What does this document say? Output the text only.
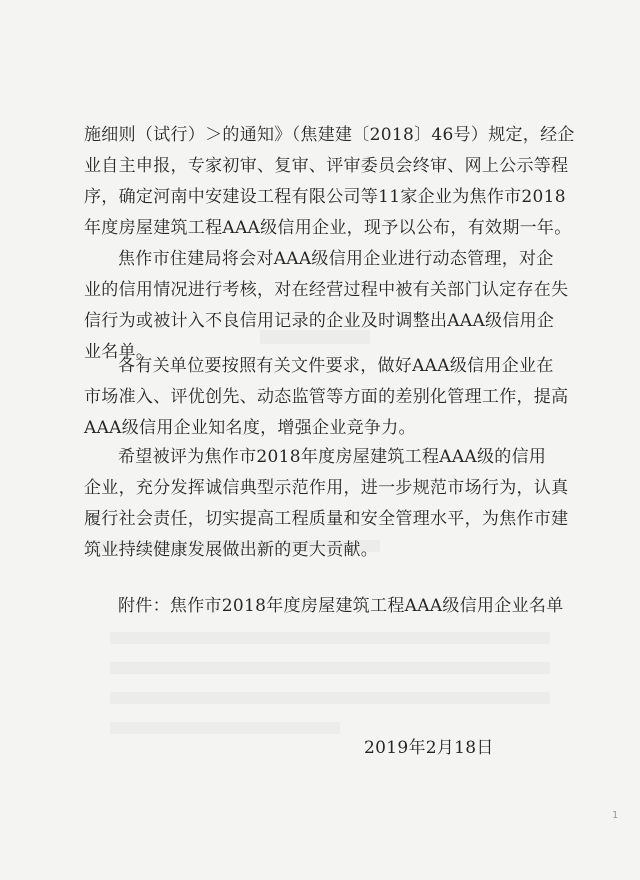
施细则（试行）＞的通知》（焦建建〔2018〕46号）规定，经企
业自主申报，专家初审、复审、评审委员会终审、网上公示等程
序，确定河南中安建设工程有限公司等11家企业为焦作市2018
年度房屋建筑工程AAA级信用企业，现予以公布，有效期一年。
焦作市住建局将会对AAA级信用企业进行动态管理，对企
业的信用情况进行考核，对在经营过程中被有关部门认定存在失
信行为或被计入不良信用记录的企业及时调整出AAA级信用企
业名单。
各有关单位要按照有关文件要求，做好AAA级信用企业在
市场准入、评优创先、动态监管等方面的差别化管理工作，提高
AAA级信用企业知名度，增强企业竞争力。
希望被评为焦作市2018年度房屋建筑工程AAA级的信用
企业，充分发挥诚信典型示范作用，进一步规范市场行为，认真
履行社会责任，切实提高工程质量和安全管理水平，为焦作市建
筑业持续健康发展做出新的更大贡献。
附件：焦作市2018年度房屋建筑工程AAA级信用企业名单
2019年2月18日
1
